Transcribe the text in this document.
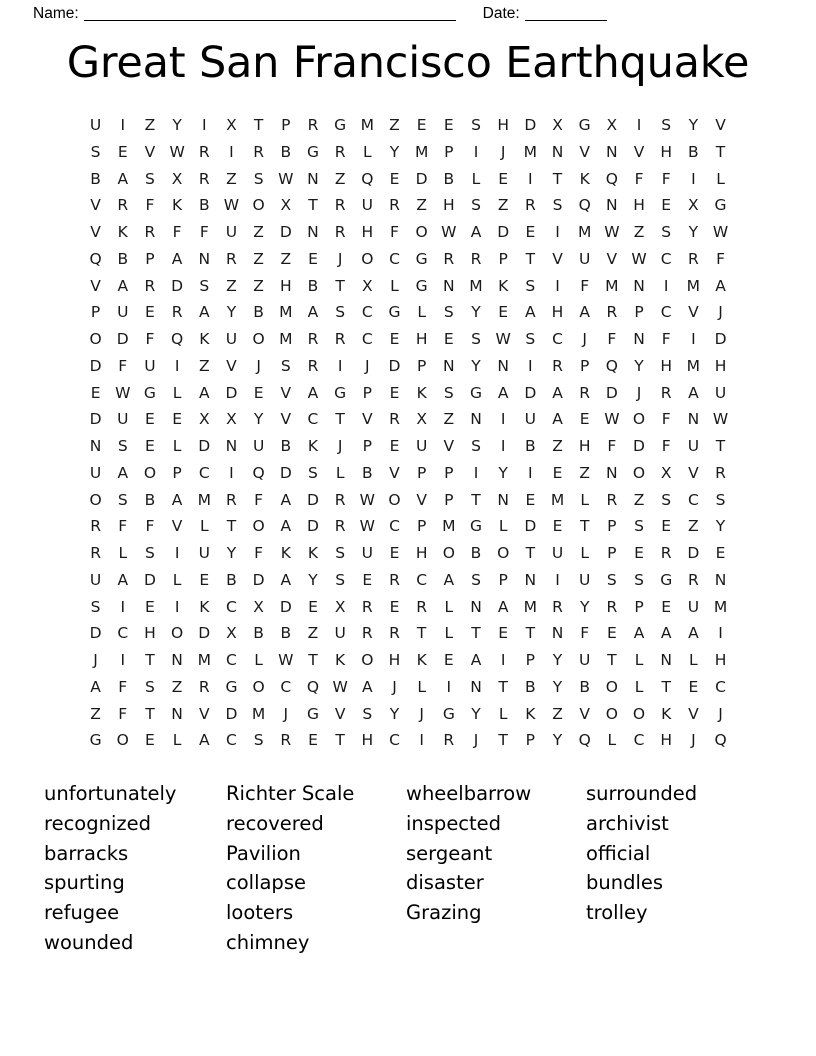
Name:	Date:
Great San Francisco Earthquake
U	I	Z	Y	I	X	T	P	R	G M Z	E	E	S	H D	X	G	X	I	S	Y	V
S	E	V W R	I	R	B	G	R	L	Y	M	P	I	J	M N	V	N	V	H	B	T
B	A	S	X	R	Z	S W N	Z	Q	E	D	B	L	E	I	T	K	Q	F	F	I	L
V	R	F	K	B W O	X	T	R	U	R	Z	H	S	Z	R	S	Q N	H	E	X	G
V	K	R	F	F	U	Z	D N	R	H	F	O W A	D	E	I	M W Z	S	Y W
Q	B	P	A	N	R	Z	Z	E	J	O	C	G	R	R	P	T	V	U	V W C	R	F
V	A	R	D	S	Z	Z	H	B	T	X	L	G N M K	S	I	F	M N	I	M A
P	U	E	R	A	Y	B M A	S	C	G	L	S	Y	E	A	H	A	R	P	C	V	J
O D	F	Q	K	U O M R	R	C	E	H	E	S W S	C	J	F	N	F	I	D
D	F	U	I	Z	V	J	S	R	I	J	D	P	N	Y	N	I	R	P	Q	Y	H M H
E W G	L	A	D	E	V	A	G	P	E	K	S	G	A	D	A	R	D	J	R	A	U
D	U	E	E	X	X	Y	V	C	T	V	R	X	Z	N	I	U	A	E W O	F	N W
N	S	E	L	D N	U	B	K	J	P	E	U	V	S	I	B	Z	H	F	D	F	U	T
U	A	O	P	C	I	Q D	S	L	B	V	P	P	I	Y	I	E	Z	N O	X	V	R
O	S	B	A M R	F	A	D	R W O	V	P	T	N	E	M	L	R	Z	S	C	S
R	F	F	V	L	T	O	A	D	R W C	P	M G	L	D	E	T	P	S	E	Z	Y
R	L	S	I	U	Y	F	K	K	S	U	E	H O	B	O	T	U	L	P	E	R	D	E
U	A	D	L	E	B	D	A	Y	S	E	R	C	A	S	P	N	I	U	S	S	G	R	N
S	I	E	I	K	C	X	D	E	X	R	E	R	L	N	A M R	Y	R	P	E	U M
D	C	H O D	X	B	B	Z	U	R	R	T	L	T	E	T	N	F	E	A	A	A	I
J	I	T	N M C	L W T	K	O H	K	E	A	I	P	Y	U	T	L	N	L	H
A	F	S	Z	R	G O	C	Q W A	J	L	I	N	T	B	Y	B	O	L	T	E	C
Z	F	T	N	V	D M	J	G	V	S	Y	J	G	Y	L	K	Z	V	O O	K	V	J
G O	E	L	A	C	S	R	E	T	H	C	I	R	J	T	P	Y	Q	L	C	H	J	Q
unfortunately
recognized
barracks
spurting
refugee
wounded
Richter Scale
recovered
Pavilion
collapse
looters
chimney
wheelbarrow
inspected
sergeant
disaster
Grazing
surrounded
archivist
official
bundles
trolley
